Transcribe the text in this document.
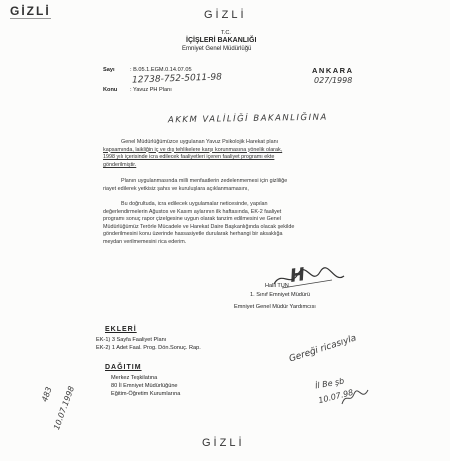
GİZLİ	GİZLİ
T.C.
İÇİŞLERİ BAKANLIĞI
Emniyet Genel Müdürlüğü
Sayı	: B.05.1.EGM.0.14.07.05
12738-752-5011-98
Konu : Yavuz PH Planı
ANKARA
027/1998
AKKM VALİLİĞİ BAKANLIĞINA
Genel Müdürlüğümüzce uygulanan Yavuz Psikolojik Harekat planı
kapsamında, laikliğin iç ve dış tehlikelere karşı korunmasına yönelik olarak,
1998 yılı içerisinde icra edilecek faaliyetleri içeren faaliyet programı ekte
gönderilmiştir.
Planın uygulanmasında milli menfaatlerin zedelenmemesi için gizliliğe
riayet edilerek yetkisiz şahıs ve kuruluşlara açıklanmamasını,
Bu doğrultuda, icra edilecek uygulamalar neticesinde, yapılan
değerlendirmelerin Ağustos ve Kasım aylarının ilk haftasında, EK-2 faaliyet
programı sonuç rapor çizelgesine uygun olarak tanzim edilmesini ve Genel
Müdürlüğümüz Terörle Mücadele ve Harekat Daire Başkanlığında olacak şekilde
gönderilmesini konu üzerinde hassasiyetle durularak herhangi bir aksaklığa
meydan verilmemesini rica ederim.
H
Halil TUN
1. Sınıf Emniyet Müdürü
Emniyet Genel Müdür Yardımcısı
EKLERİ
EK-1) 3 Sayfa Faaliyet Planı
EK-2) 1 Adet Faal. Prog. Dön.Sonuç. Rap.
DAĞITIM
Merkez Teşkilatına
80 İl Emniyet Müdürlüğüne
Eğitim-Öğretim Kurumlarına
Gereği ricasıyla
İl Be şb
10.07.98
483
10.07.1998
GİZLİ
